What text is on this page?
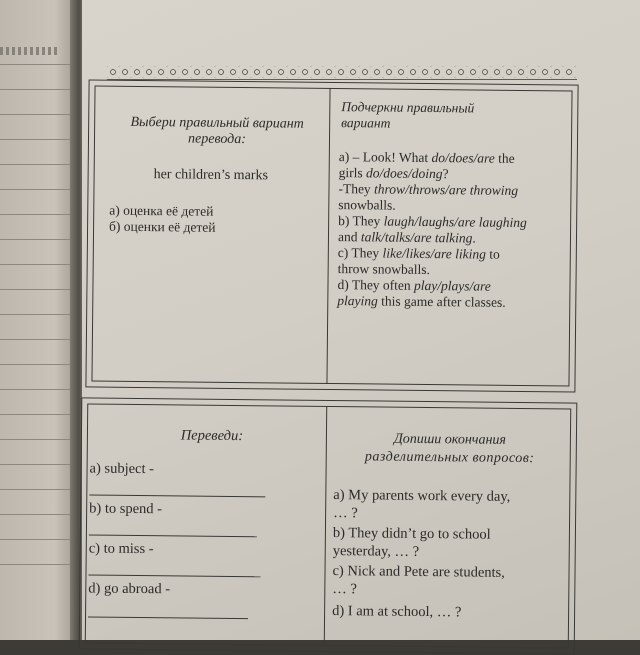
Выбери правильный вариант
перевода:
her children’s marks
а) оценка её детей
б) оценки её детей
Подчеркни правильный
вариант
a) – Look! What do/does/are the
girls do/does/doing?
-They throw/throws/are throwing
snowballs.
b) They laugh/laughs/are laughing
and talk/talks/are talking.
c) They like/likes/are liking to
throw snowballs.
d) They often play/plays/are
playing this game after classes.
Переведи:
a) subject -
b) to spend -
c) to miss -
d) go abroad -
Допиши окончания
разделительных вопросов:
a) My parents work every day,
… ?
b) They didn’t go to school
yesterday, … ?
c) Nick and Pete are students,
… ?
d) I am at school, … ?
